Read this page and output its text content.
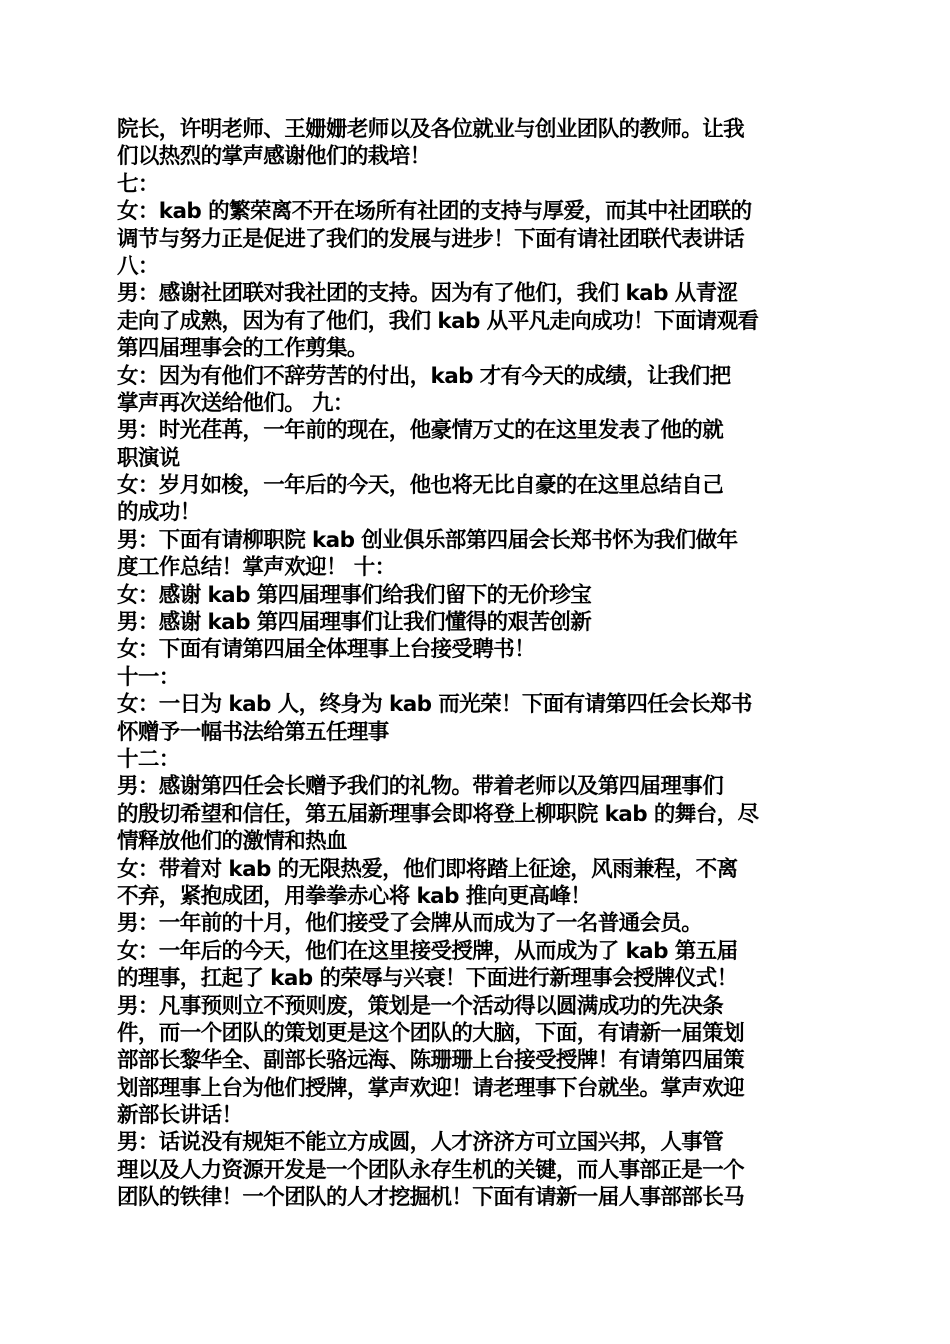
院长，许明老师、王姗姗老师以及各位就业与创业团队的教师。让我
们以热烈的掌声感谢他们的栽培！
七：
女：kab 的繁荣离不开在场所有社团的支持与厚爱，而其中社团联的
调节与努力正是促进了我们的发展与进步！下面有请社团联代表讲话
八：
男：感谢社团联对我社团的支持。因为有了他们，我们 kab 从青涩
走向了成熟，因为有了他们，我们 kab 从平凡走向成功！下面请观看
第四届理事会的工作剪集。
女：因为有他们不辞劳苦的付出，kab 才有今天的成绩，让我们把
掌声再次送给他们。 九：
男：时光荏苒，一年前的现在，他豪情万丈的在这里发表了他的就
职演说
女：岁月如梭，一年后的今天，他也将无比自豪的在这里总结自己
的成功！
男：下面有请柳职院 kab 创业俱乐部第四届会长郑书怀为我们做年
度工作总结！掌声欢迎！ 十：
女：感谢 kab 第四届理事们给我们留下的无价珍宝
男：感谢 kab 第四届理事们让我们懂得的艰苦创新
女：下面有请第四届全体理事上台接受聘书！
十一：
女：一日为 kab 人，终身为 kab 而光荣！下面有请第四任会长郑书
怀赠予一幅书法给第五任理事
十二：
男：感谢第四任会长赠予我们的礼物。带着老师以及第四届理事们
的殷切希望和信任，第五届新理事会即将登上柳职院 kab 的舞台，尽
情释放他们的激情和热血
女：带着对 kab 的无限热爱，他们即将踏上征途，风雨兼程，不离
不弃，紧抱成团，用拳拳赤心将 kab 推向更高峰！
男：一年前的十月，他们接受了会牌从而成为了一名普通会员。
女：一年后的今天，他们在这里接受授牌，从而成为了 kab 第五届
的理事，扛起了 kab 的荣辱与兴衰！下面进行新理事会授牌仪式！
男：凡事预则立不预则废，策划是一个活动得以圆满成功的先决条
件，而一个团队的策划更是这个团队的大脑，下面，有请新一届策划
部部长黎华全、副部长骆远海、陈珊珊上台接受授牌！有请第四届策
划部理事上台为他们授牌，掌声欢迎！请老理事下台就坐。掌声欢迎
新部长讲话！
男：话说没有规矩不能立方成圆，人才济济方可立国兴邦，人事管
理以及人力资源开发是一个团队永存生机的关键，而人事部正是一个
团队的铁律！一个团队的人才挖掘机！下面有请新一届人事部部长马
